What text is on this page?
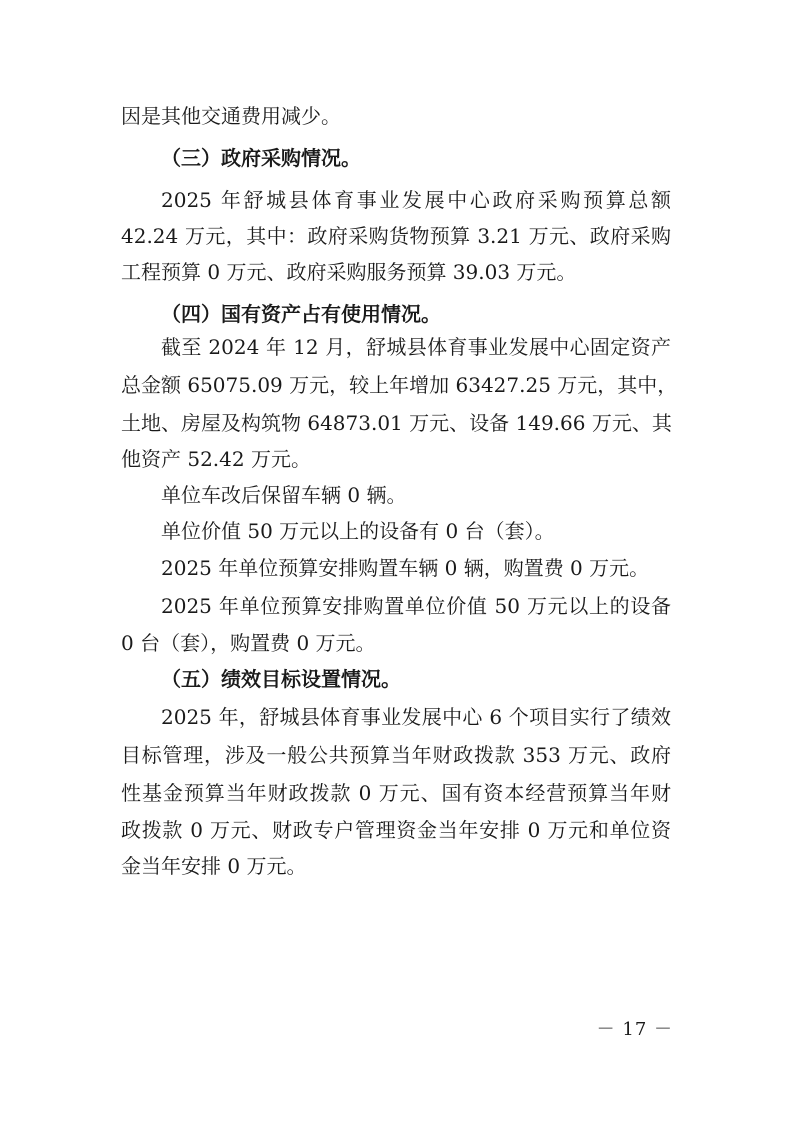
因是其他交通费用减少。
（三）政府采购情况。
2025 年舒城县体育事业发展中心政府采购预算总额
42.24 万元，其中：政府采购货物预算 3.21 万元、政府采购
工程预算 0 万元、政府采购服务预算 39.03 万元。
（四）国有资产占有使用情况。
截至 2024 年 12 月，舒城县体育事业发展中心固定资产
总金额 65075.09 万元，较上年增加 63427.25 万元，其中，
土地、房屋及构筑物 64873.01 万元、设备 149.66 万元、其
他资产 52.42 万元。
单位车改后保留车辆 0 辆。
单位价值 50 万元以上的设备有 0 台（套）。
2025 年单位预算安排购置车辆 0 辆，购置费 0 万元。
2025 年单位预算安排购置单位价值 50 万元以上的设备
0 台（套），购置费 0 万元。
（五）绩效目标设置情况。
2025 年，舒城县体育事业发展中心 6 个项目实行了绩效
目标管理，涉及一般公共预算当年财政拨款 353 万元、政府
性基金预算当年财政拨款 0 万元、国有资本经营预算当年财
政拨款 0 万元、财政专户管理资金当年安排 0 万元和单位资
金当年安排 0 万元。
－ 17 －
